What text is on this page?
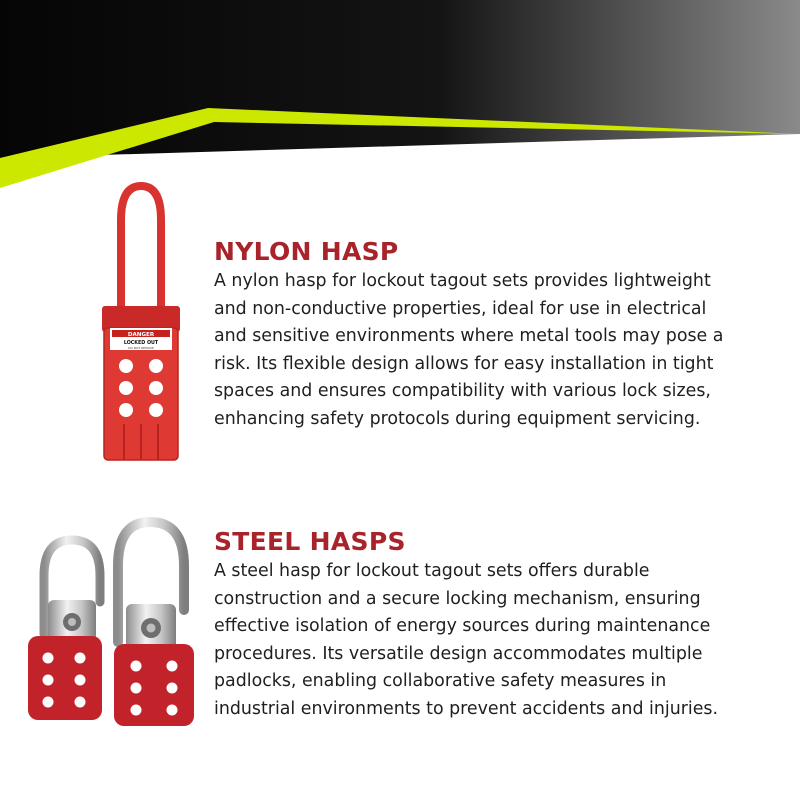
DANGER
LOCKED OUT
DO NOT REMOVE
NYLON HASP

A nylon hasp for lockout tagout sets provides lightweight
and non-conductive properties, ideal for use in electrical
and sensitive environments where metal tools may pose a
risk. Its flexible design allows for easy installation in tight
spaces and ensures compatibility with various lock sizes,
enhancing safety protocols during equipment servicing.

STEEL HASPS

A steel hasp for lockout tagout sets offers durable
construction and a secure locking mechanism, ensuring
effective isolation of energy sources during maintenance
procedures. Its versatile design accommodates multiple
padlocks, enabling collaborative safety measures in
industrial environments to prevent accidents and injuries.
